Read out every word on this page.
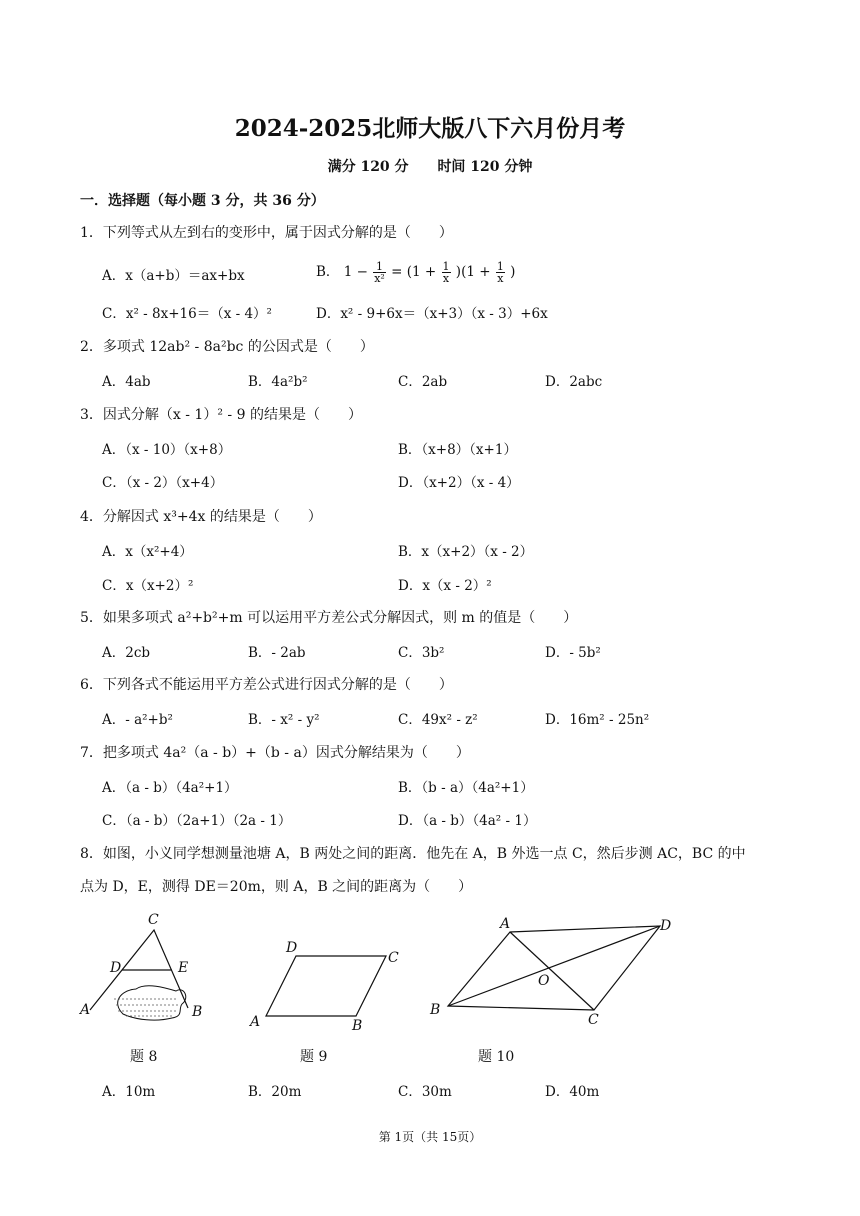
2024-2025北师大版八下六月份月考
满分 120 分 时间 120 分钟
一．选择题（每小题 3 分，共 36 分）
1．下列等式从左到右的变形中，属于因式分解的是（　　）
A．x（a+b）＝ax+bx	B． $1 - \frac{1}{\text{x²}} = (1 + \frac{1}{x} )(1 + \frac{1}{x}$ )
C．x² - 8x+16＝（x - 4）²	D．x² - 9+6x＝（x+3）（x - 3）+6x
2．多项式 12ab² - 8a²bc 的公因式是（　　）
A．4ab	B．4a²b²	C．2ab	D．2abc
3．因式分解（x - 1）² - 9 的结果是（　　）
A．（x - 10）（x+8）	B．（x+8）（x+1）
C．（x - 2）（x+4）	D．（x+2）（x - 4）
4．分解因式 x³+4x 的结果是（　　）
A．x（x²+4）	B．x（x+2）（x - 2）
C．x（x+2）²	D．x（x - 2）²
5．如果多项式 a²+b²+m 可以运用平方差公式分解因式，则 m 的值是（　　）
A．2cb	B．- 2ab	C．3b²	D．- 5b²
6．下列各式不能运用平方差公式进行因式分解的是（　　）
A．- a²+b²	B．- x² - y²	C．49x² - z²	D．16m² - 25n²
7．把多项式 4a²（a - b）+（b - a）因式分解结果为（　　）
A．（a - b）（4a²+1）	B．（b - a）（4a²+1）
C．（a - b）（2a+1）（2a - 1）	D．（a - b）（4a² - 1）
8．如图，小义同学想测量池塘 A，B 两处之间的距离．他先在 A，B 外选一点 C，然后步测 AC，BC 的中
点为 D，E，测得 DE＝20m，则 A，B 之间的距离为（　　）
C
D	E
A	B
D
C
A	B
A	D
O
B
C
题 8	题 9	题 10
A．10m	B．20m	C．30m	D．40m
第 1页（共 15页）
